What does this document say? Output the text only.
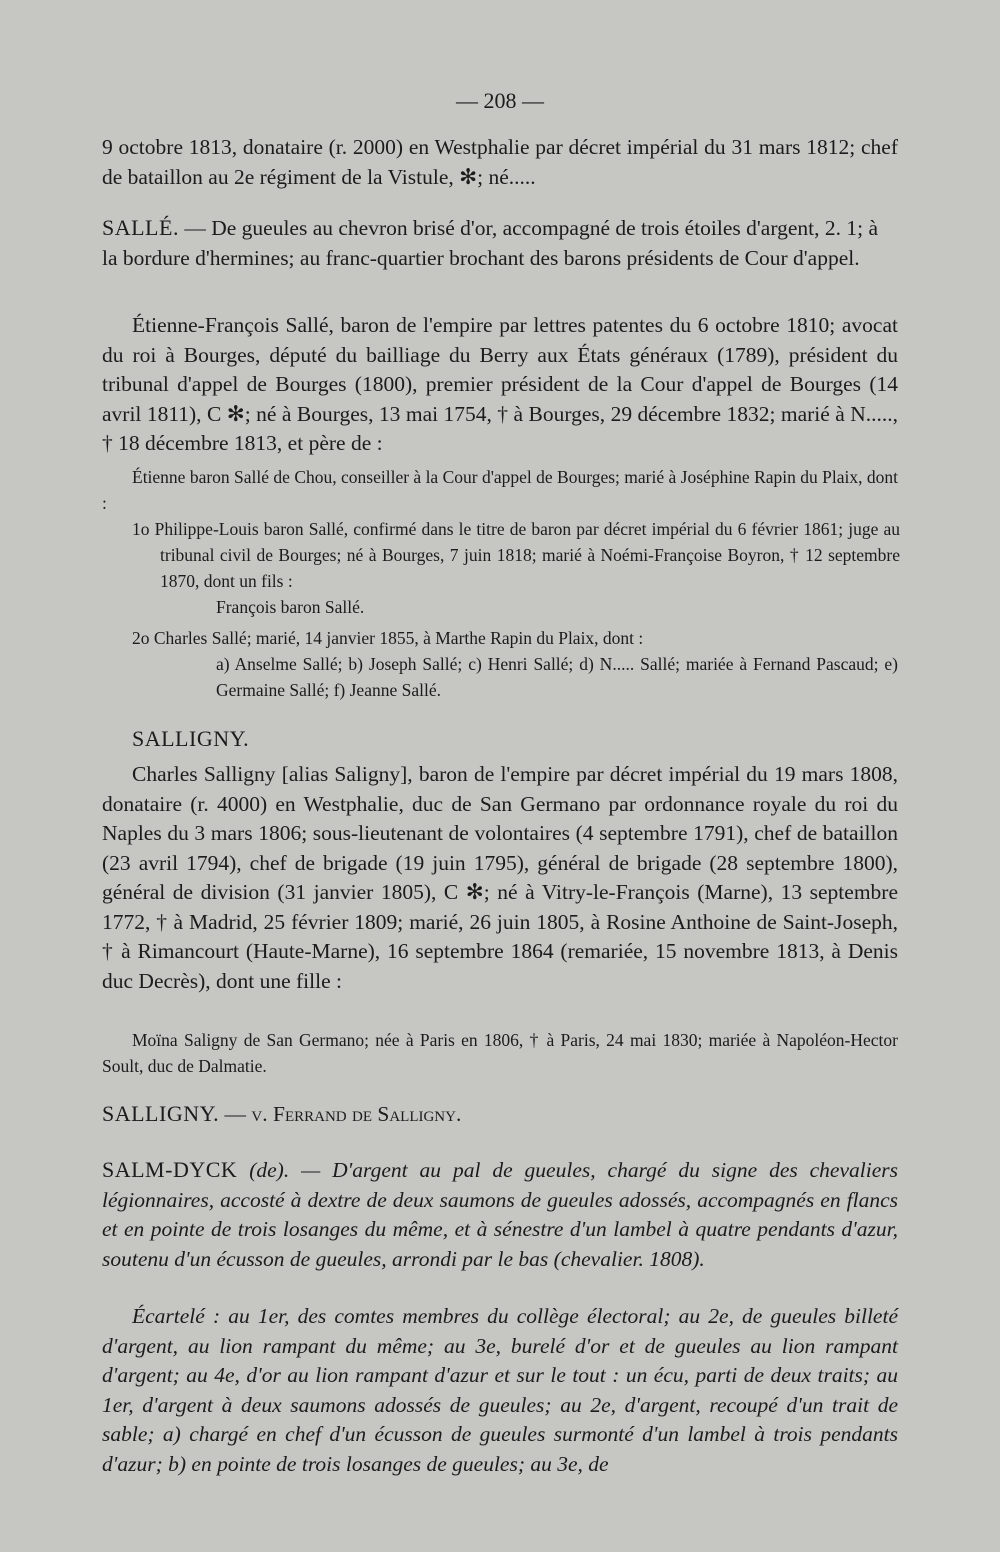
— 208 —

9 octobre 1813, donataire (r. 2000) en Westphalie par décret impérial du 31 mars 1812; chef de bataillon au 2e régiment de la Vistule, ✻; né.....

SALLÉ. — De gueules au chevron brisé d'or, accompagné de trois étoiles d'argent, 2. 1; à la bordure d'hermines; au franc-quartier brochant des barons présidents de Cour d'appel.

Étienne-François Sallé, baron de l'empire par lettres patentes du 6 octobre 1810; avocat du roi à Bourges, député du bailliage du Berry aux États généraux (1789), président du tribunal d'appel de Bourges (1800), premier président de la Cour d'appel de Bourges (14 avril 1811), C ✻; né à Bourges, 13 mai 1754, † à Bourges, 29 décembre 1832; marié à N....., † 18 décembre 1813, et père de :

Étienne baron Sallé de Chou, conseiller à la Cour d'appel de Bourges; marié à Joséphine Rapin du Plaix, dont :

1o Philippe-Louis baron Sallé, confirmé dans le titre de baron par décret impérial du 6 février 1861; juge au tribunal civil de Bourges; né à Bourges, 7 juin 1818; marié à Noémi-Françoise Boyron, † 12 septembre 1870, dont un fils :

François baron Sallé.

2o Charles Sallé; marié, 14 janvier 1855, à Marthe Rapin du Plaix, dont :

a) Anselme Sallé; b) Joseph Sallé; c) Henri Sallé; d) N..... Sallé; mariée à Fernand Pascaud; e) Germaine Sallé; f) Jeanne Sallé.

SALLIGNY.

Charles Salligny [alias Saligny], baron de l'empire par décret impérial du 19 mars 1808, donataire (r. 4000) en Westphalie, duc de San Germano par ordonnance royale du roi du Naples du 3 mars 1806; sous-lieutenant de volontaires (4 septembre 1791), chef de bataillon (23 avril 1794), chef de brigade (19 juin 1795), général de brigade (28 septembre 1800), général de division (31 janvier 1805), C ✻; né à Vitry-le-François (Marne), 13 septembre 1772, † à Madrid, 25 février 1809; marié, 26 juin 1805, à Rosine Anthoine de Saint-Joseph, † à Rimancourt (Haute-Marne), 16 septembre 1864 (remariée, 15 novembre 1813, à Denis duc Decrès), dont une fille :

Moïna Saligny de San Germano; née à Paris en 1806, † à Paris, 24 mai 1830; mariée à Napoléon-Hector Soult, duc de Dalmatie.

SALLIGNY. — v. Ferrand de Salligny.

SALM-DYCK (de). — D'argent au pal de gueules, chargé du signe des chevaliers légionnaires, accosté à dextre de deux saumons de gueules adossés, accompagnés en flancs et en pointe de trois losanges du même, et à sénestre d'un lambel à quatre pendants d'azur, soutenu d'un écusson de gueules, arrondi par le bas (chevalier. 1808).

Écartelé : au 1er, des comtes membres du collège électoral; au 2e, de gueules billeté d'argent, au lion rampant du même; au 3e, burelé d'or et de gueules au lion rampant d'argent; au 4e, d'or au lion rampant d'azur et sur le tout : un écu, parti de deux traits; au 1er, d'argent à deux saumons adossés de gueules; au 2e, d'argent, recoupé d'un trait de sable; a) chargé en chef d'un écusson de gueules surmonté d'un lambel à trois pendants d'azur; b) en pointe de trois losanges de gueules; au 3e, de
